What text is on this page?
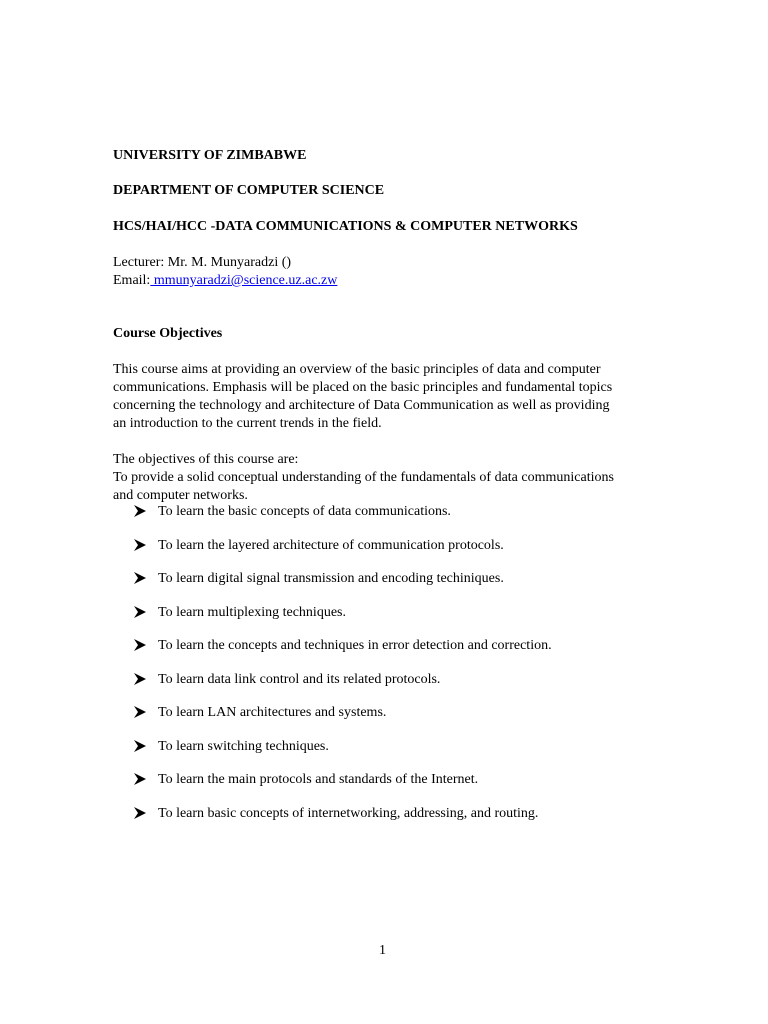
UNIVERSITY OF ZIMBABWE
DEPARTMENT OF COMPUTER SCIENCE
HCS/HAI/HCC -DATA COMMUNICATIONS & COMPUTER NETWORKS
Lecturer: Mr. M. Munyaradzi ()
Email: mmunyaradzi@science.uz.ac.zw
Course Objectives
This course aims at providing an overview of the basic principles of data and computer
communications. Emphasis will be placed on the basic principles and fundamental topics
concerning the technology and architecture of Data Communication as well as providing
an introduction to the current trends in the field.
The objectives of this course are:
To provide a solid conceptual understanding of the fundamentals of data communications
and computer networks.
To learn the basic concepts of data communications.
To learn the layered architecture of communication protocols.
To learn digital signal transmission and encoding techiniques.
To learn multiplexing techniques.
To learn the concepts and techniques in error detection and correction.
To learn data link control and its related protocols.
To learn LAN architectures and systems.
To learn switching techniques.
To learn the main protocols and standards of the Internet.
To learn basic concepts of internetworking, addressing, and routing.
1
